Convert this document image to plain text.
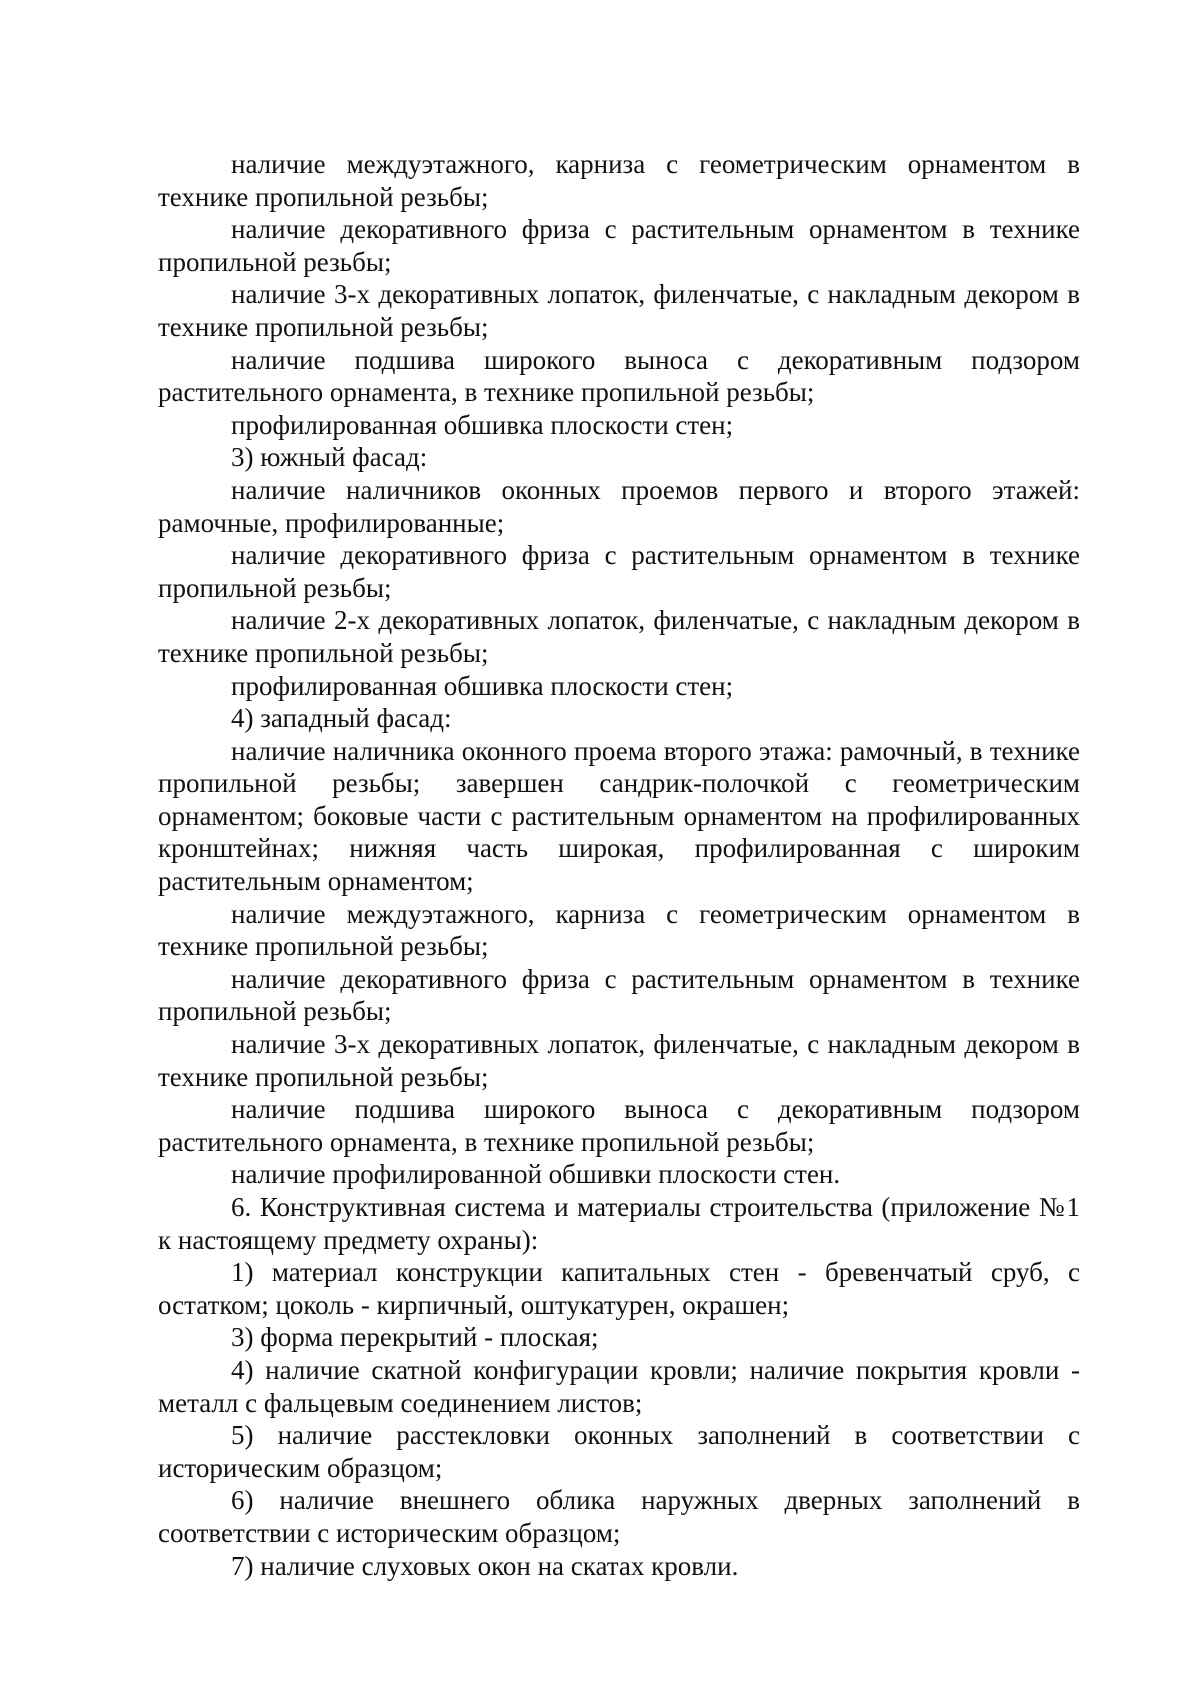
наличие междуэтажного, карниза с геометрическим орнаментом в технике пропильной резьбы;

наличие декоративного фриза с растительным орнаментом в технике пропильной резьбы;

наличие 3-х декоративных лопаток, филенчатые, с накладным декором в технике пропильной резьбы;

наличие подшива широкого выноса с декоративным подзором растительного орнамента, в технике пропильной резьбы;

профилированная обшивка плоскости стен;

3) южный фасад:

наличие наличников оконных проемов первого и второго этажей: рамочные, профилированные;

наличие декоративного фриза с растительным орнаментом в технике пропильной резьбы;

наличие 2-х декоративных лопаток, филенчатые, с накладным декором в технике пропильной резьбы;

профилированная обшивка плоскости стен;

4) западный фасад:

наличие наличника оконного проема второго этажа: рамочный, в технике пропильной резьбы; завершен сандрик-полочкой с геометрическим орнаментом; боковые части с растительным орнаментом на профилированных кронштейнах; нижняя часть широкая, профилированная с широким растительным орнаментом;

наличие междуэтажного, карниза с геометрическим орнаментом в технике пропильной резьбы;

наличие декоративного фриза с растительным орнаментом в технике пропильной резьбы;

наличие 3-х декоративных лопаток, филенчатые, с накладным декором в технике пропильной резьбы;

наличие подшива широкого выноса с декоративным подзором растительного орнамента, в технике пропильной резьбы;

наличие профилированной обшивки плоскости стен.

6. Конструктивная система и материалы строительства (приложение №1 к настоящему предмету охраны):

1) материал конструкции капитальных стен - бревенчатый сруб, с остатком; цоколь - кирпичный, оштукатурен, окрашен;

3) форма перекрытий - плоская;

4) наличие скатной конфигурации кровли; наличие покрытия кровли - металл с фальцевым соединением листов;

5) наличие расстекловки оконных заполнений в соответствии с историческим образцом;

6) наличие внешнего облика наружных дверных заполнений в соответствии с историческим образцом;

7) наличие слуховых окон на скатах кровли.
